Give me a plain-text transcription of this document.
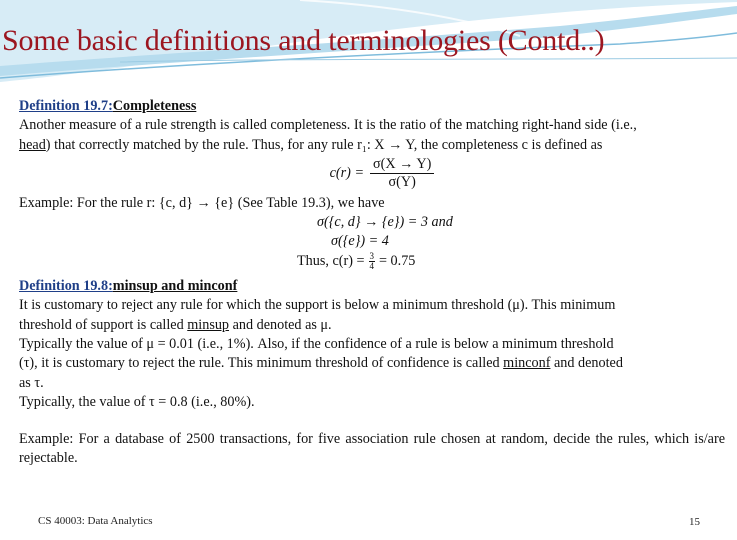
Some basic definitions and terminologies (Contd..)
Definition 19.7:Completeness

Another measure of a rule strength is called completeness. It is the ratio of the matching right-hand side (i.e.,

head) that correctly matched by the rule. Thus, for any rule r₁: X → Y, the completeness c is defined as

$c(r) = \frac{\sigma(X \to Y)}{\sigma(Y)}$

Example: For the rule r: {c, d} → {e} (See Table 19.3), we have

σ({c, d} → {e}) = 3 and

σ({e}) = 4

Thus, $c(r) = \frac{3}{4} = 0.75$
Definition 19.8:minsup and minconf

It is customary to reject any rule for which the support is below a minimum threshold (μ). This minimum

threshold of support is called minsup and denoted as μ.

Typically the value of μ = 0.01 (i.e., 1%). Also, if the confidence of a rule is below a minimum threshold

(τ), it is customary to reject the rule. This minimum threshold of confidence is called minconf and denoted

as τ.

Typically, the value of τ = 0.8 (i.e., 80%).

Example: For a database of 2500 transactions, for five association rule chosen at random, decide the rules, which is/are rejectable.

CS 40003: Data Analytics	15
